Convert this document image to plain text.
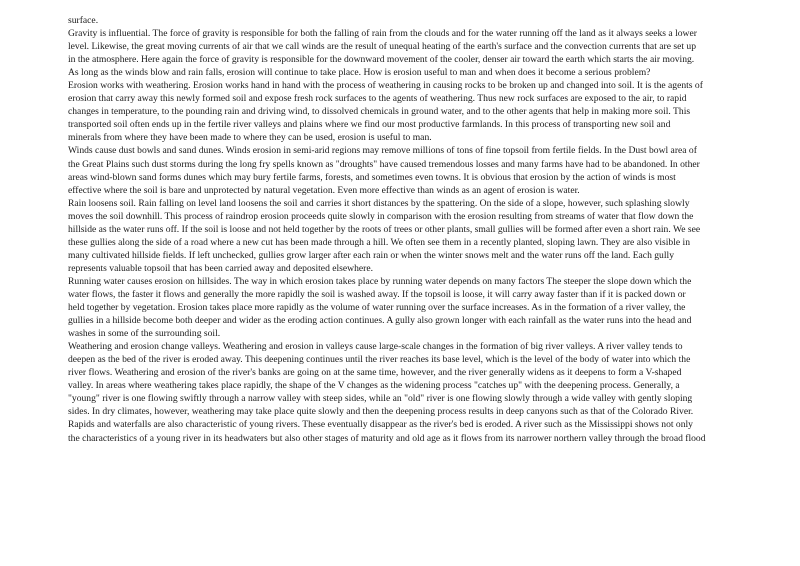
surface.
Gravity is influential. The force of gravity is responsible for both the falling of rain from the clouds and for the water running off the land as it always seeks a lower
level. Likewise, the great moving currents of air that we call winds are the result of unequal heating of the earth's surface and the convection currents that are set up
in the atmosphere. Here again the force of gravity is responsible for the downward movement of the cooler, denser air toward the earth which starts the air moving.
As long as the winds blow and rain falls, erosion will continue to take place. How is erosion useful to man and when does it become a serious problem?
Erosion works with weathering. Erosion works hand in hand with the process of weathering in causing rocks to be broken up and changed into soil. It is the agents of
erosion that carry away this newly formed soil and expose fresh rock surfaces to the agents of weathering. Thus new rock surfaces are exposed to the air, to rapid
changes in temperature, to the pounding rain and driving wind, to dissolved chemicals in ground water, and to the other agents that help in making more soil. This
transported soil often ends up in the fertile river valleys and plains where we find our most productive farmlands. In this process of transporting new soil and
minerals from where they have been made to where they can be used, erosion is useful to man.
Winds cause dust bowls and sand dunes. Winds erosion in semi-arid regions may remove millions of tons of fine topsoil from fertile fields. In the Dust bowl area of
the Great Plains such dust storms during the long fry spells known as "droughts" have caused tremendous losses and many farms have had to be abandoned. In other
areas wind-blown sand forms dunes which may bury fertile farms, forests, and sometimes even towns. It is obvious that erosion by the action of winds is most
effective where the soil is bare and unprotected by natural vegetation. Even more effective than winds as an agent of erosion is water.
Rain loosens soil. Rain falling on level land loosens the soil and carries it short distances by the spattering. On the side of a slope, however, such splashing slowly
moves the soil downhill. This process of raindrop erosion proceeds quite slowly in comparison with the erosion resulting from streams of water that flow down the
hillside as the water runs off. If the soil is loose and not held together by the roots of trees or other plants, small gullies will be formed after even a short rain. We see
these gullies along the side of a road where a new cut has been made through a hill. We often see them in a recently planted, sloping lawn. They are also visible in
many cultivated hillside fields. If left unchecked, gullies grow larger after each rain or when the winter snows melt and the water runs off the land. Each gully
represents valuable topsoil that has been carried away and deposited elsewhere.
Running water causes erosion on hillsides. The way in which erosion takes place by running water depends on many factors The steeper the slope down which the
water flows, the faster it flows and generally the more rapidly the soil is washed away. If the topsoil is loose, it will carry away faster than if it is packed down or
held together by vegetation. Erosion takes place more rapidly as the volume of water running over the surface increases. As in the formation of a river valley, the
gullies in a hillside become both deeper and wider as the eroding action continues. A gully also grown longer with each rainfall as the water runs into the head and
washes in some of the surrounding soil.
Weathering and erosion change valleys. Weathering and erosion in valleys cause large-scale changes in the formation of big river valleys. A river valley tends to
deepen as the bed of the river is eroded away. This deepening continues until the river reaches its base level, which is the level of the body of water into which the
river flows. Weathering and erosion of the river's banks are going on at the same time, however, and the river generally widens as it deepens to form a V-shaped
valley. In areas where weathering takes place rapidly, the shape of the V changes as the widening process "catches up" with the deepening process. Generally, a
"young" river is one flowing swiftly through a narrow valley with steep sides, while an "old" river is one flowing slowly through a wide valley with gently sloping
sides. In dry climates, however, weathering may take place quite slowly and then the deepening process results in deep canyons such as that of the Colorado River.
Rapids and waterfalls are also characteristic of young rivers. These eventually disappear as the river's bed is eroded. A river such as the Mississippi shows not only
the characteristics of a young river in its headwaters but also other stages of maturity and old age as it flows from its narrower northern valley through the broad flood
